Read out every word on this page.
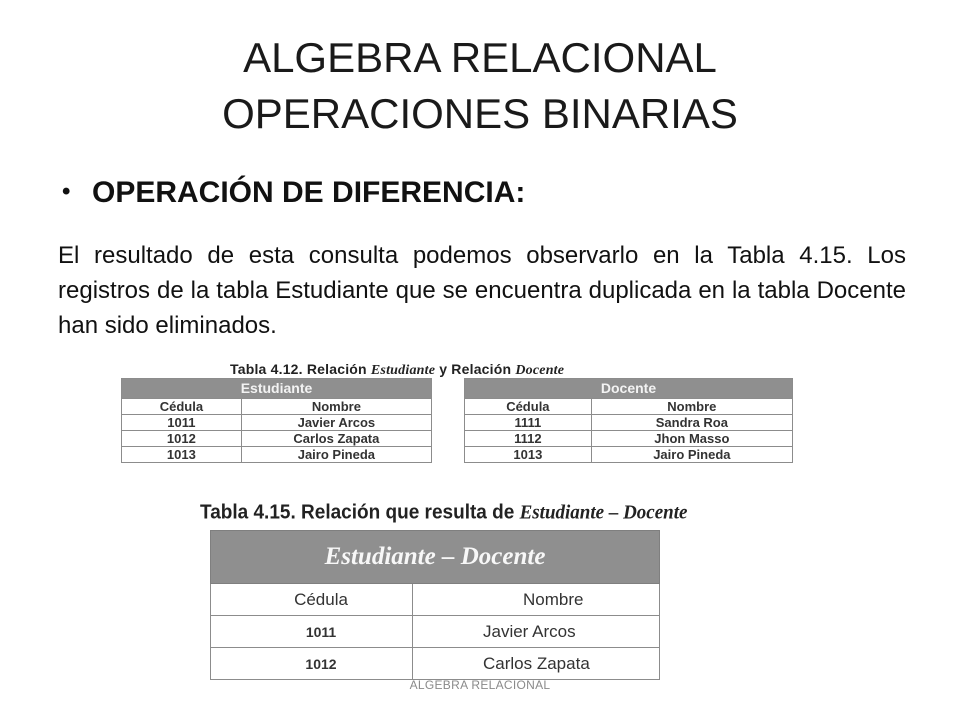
ALGEBRA RELACIONAL
OPERACIONES BINARIAS
• OPERACIÓN DE DIFERENCIA:
El resultado de esta consulta podemos observarlo en la Tabla 4.15. Los registros de la tabla Estudiante que se encuentra duplicada en la tabla Docente han sido eliminados.
Tabla 4.12. Relación Estudiante y Relación Docente
Estudiante	
Cédula	Nombre
1011	Javier Arcos
1012	Carlos Zapata
1013	Jairo Pineda
Docente	
Cédula	Nombre
1111	Sandra Roa
1112	Jhon Masso
1013	Jairo Pineda
Tabla 4.15. Relación que resulta de Estudiante – Docente
Estudiante – Docente	
Cédula	Nombre
1011	Javier Arcos
1012	Carlos Zapata
ALGEBRA RELACIONAL
